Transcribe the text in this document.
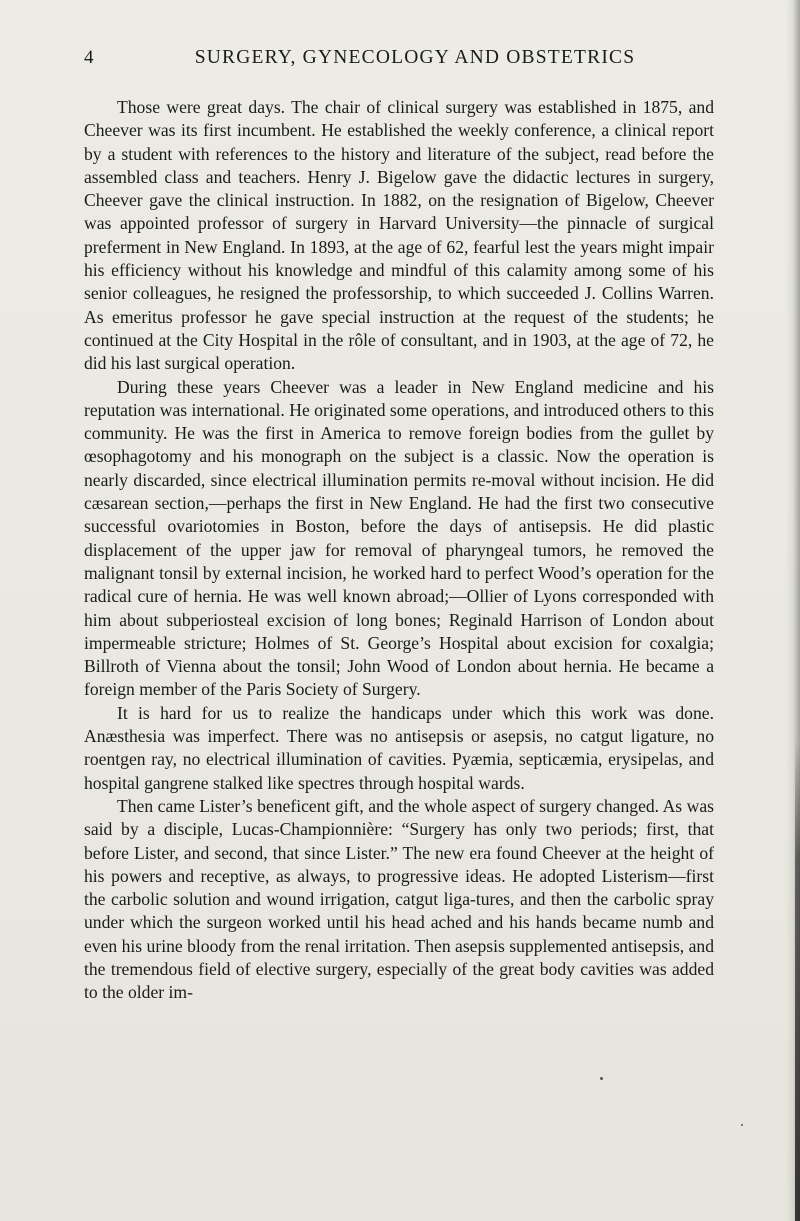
4	SURGERY, GYNECOLOGY AND OBSTETRICS

Those were great days. The chair of clinical surgery was established in 1875, and Cheever was its first incumbent. He established the weekly conference, a clinical report by a student with references to the history and literature of the subject, read before the assembled class and teachers. Henry J. Bigelow gave the didactic lectures in surgery, Cheever gave the clinical instruction. In 1882, on the resignation of Bigelow, Cheever was appointed professor of surgery in Harvard University—the pinnacle of surgical preferment in New England. In 1893, at the age of 62, fearful lest the years might impair his efficiency without his knowledge and mindful of this calamity among some of his senior colleagues, he resigned the professorship, to which succeeded J. Collins Warren. As emeritus professor he gave special instruction at the request of the students; he continued at the City Hospital in the rôle of consultant, and in 1903, at the age of 72, he did his last surgical operation.

During these years Cheever was a leader in New England medicine and his reputation was international. He originated some operations, and introduced others to this community. He was the first in America to remove foreign bodies from the gullet by œsophagotomy and his monograph on the subject is a classic. Now the operation is nearly discarded, since electrical illumination permits re-moval without incision. He did cæsarean section,—perhaps the first in New England. He had the first two consecutive successful ovariotomies in Boston, before the days of antisepsis. He did plastic displacement of the upper jaw for removal of pharyngeal tumors, he removed the malignant tonsil by external incision, he worked hard to perfect Wood’s operation for the radical cure of hernia. He was well known abroad;—Ollier of Lyons corresponded with him about subperiosteal excision of long bones; Reginald Harrison of London about impermeable stricture; Holmes of St. George’s Hospital about excision for coxalgia; Billroth of Vienna about the tonsil; John Wood of London about hernia. He became a foreign member of the Paris Society of Surgery.

It is hard for us to realize the handicaps under which this work was done. Anæsthesia was imperfect. There was no antisepsis or asepsis, no catgut ligature, no roentgen ray, no electrical illumination of cavities. Pyæmia, septicæmia, erysipelas, and hospital gangrene stalked like spectres through hospital wards.

Then came Lister’s beneficent gift, and the whole aspect of surgery changed. As was said by a disciple, Lucas-Championnière: “Surgery has only two periods; first, that before Lister, and second, that since Lister.” The new era found Cheever at the height of his powers and receptive, as always, to progressive ideas. He adopted Listerism—first the carbolic solution and wound irrigation, catgut liga-tures, and then the carbolic spray under which the surgeon worked until his head ached and his hands became numb and even his urine bloody from the renal irritation. Then asepsis supplemented antisepsis, and the tremendous field of elective surgery, especially of the great body cavities was added to the older im-
